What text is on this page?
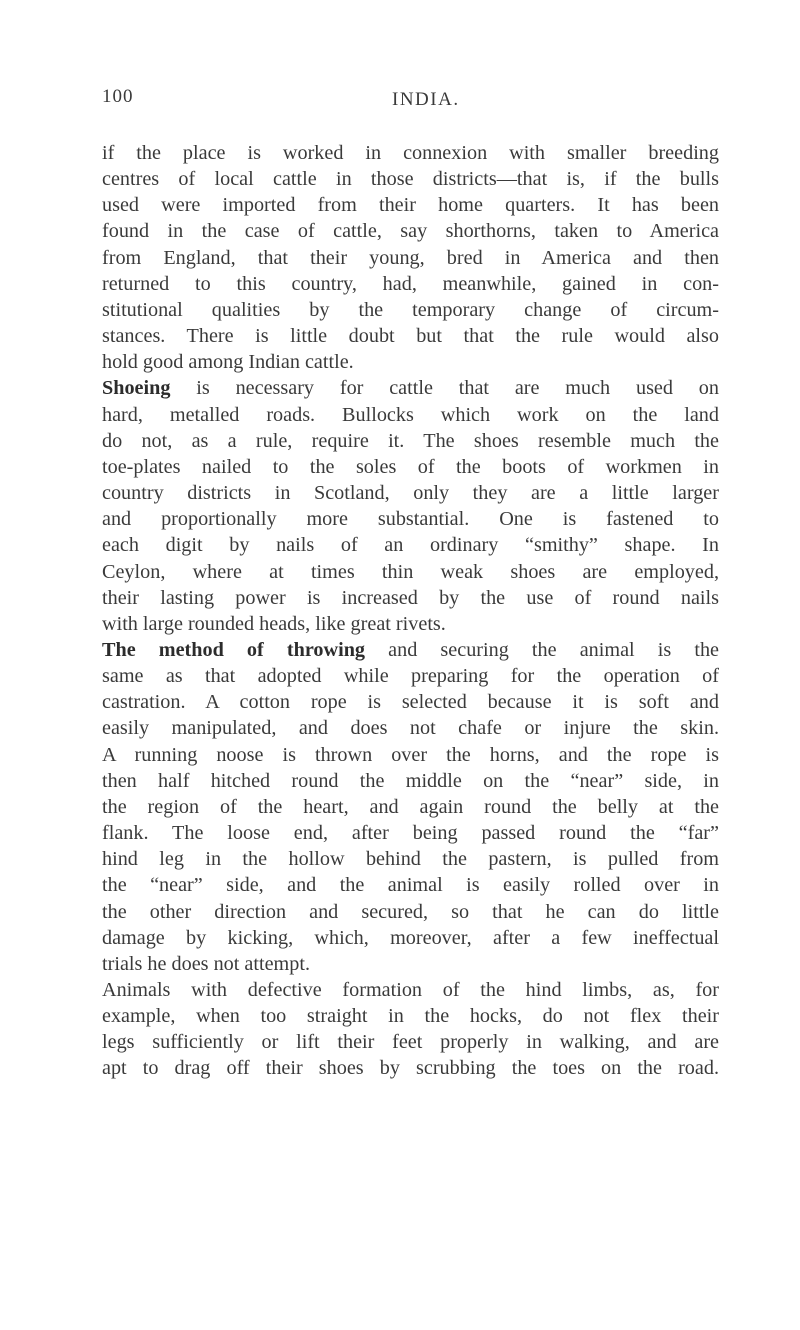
100	INDIA.

if the place is worked in connexion with smaller breeding
centres of local cattle in those districts—that is, if the bulls
used were imported from their home quarters. It has been
found in the case of cattle, say shorthorns, taken to America
from England, that their young, bred in America and then
returned to this country, had, meanwhile, gained in con-
stitutional qualities by the temporary change of circum-
stances. There is little doubt but that the rule would also
hold good among Indian cattle.

Shoeing is necessary for cattle that are much used on
hard, metalled roads. Bullocks which work on the land
do not, as a rule, require it. The shoes resemble much the
toe-plates nailed to the soles of the boots of workmen in
country districts in Scotland, only they are a little larger
and proportionally more substantial. One is fastened to
each digit by nails of an ordinary “smithy” shape. In
Ceylon, where at times thin weak shoes are employed,
their lasting power is increased by the use of round nails
with large rounded heads, like great rivets.

The method of throwing and securing the animal is the
same as that adopted while preparing for the operation of
castration. A cotton rope is selected because it is soft and
easily manipulated, and does not chafe or injure the skin.
A running noose is thrown over the horns, and the rope is
then half hitched round the middle on the “near” side, in
the region of the heart, and again round the belly at the
flank. The loose end, after being passed round the “far”
hind leg in the hollow behind the pastern, is pulled from
the “near” side, and the animal is easily rolled over in
the other direction and secured, so that he can do little
damage by kicking, which, moreover, after a few ineffectual
trials he does not attempt.

Animals with defective formation of the hind limbs, as, for
example, when too straight in the hocks, do not flex their
legs sufficiently or lift their feet properly in walking, and are
apt to drag off their shoes by scrubbing the toes on the road.
